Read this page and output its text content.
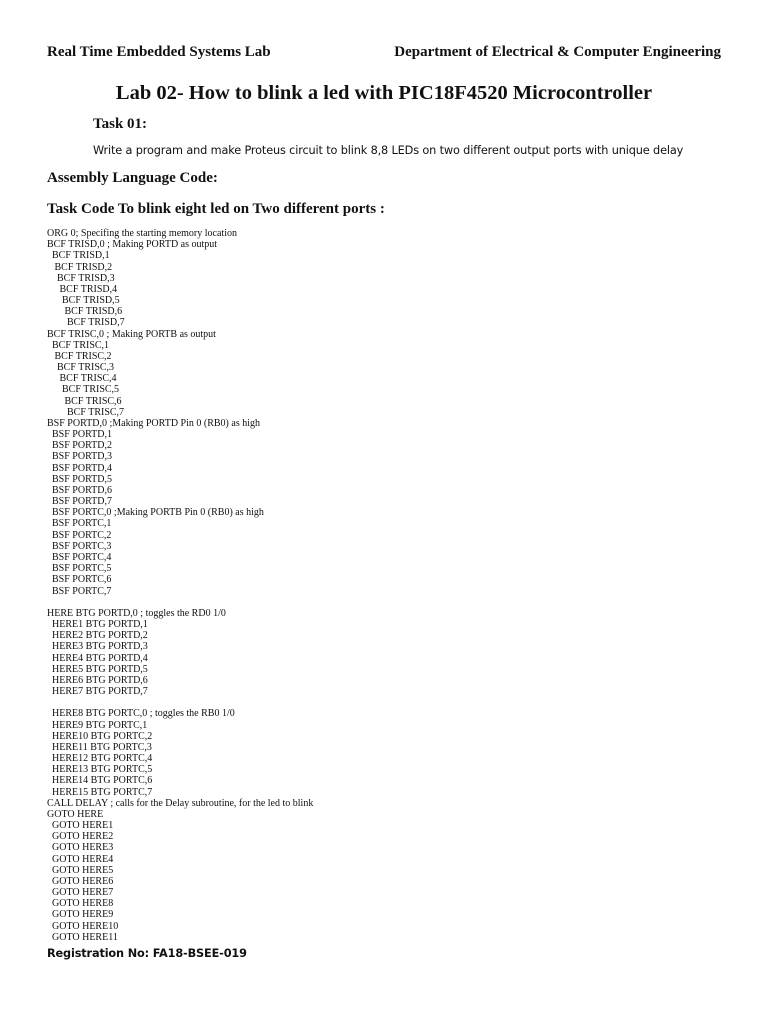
Real Time Embedded Systems Lab	Department of Electrical & Computer Engineering
Lab 02- How to blink a led with PIC18F4520 Microcontroller
Task 01:
Write a program and make Proteus circuit to blink 8,8 LEDs on two different output ports with unique delay
Assembly Language Code:
Task Code To blink eight led on Two different ports :
ORG 0; Specifing the starting memory location
BCF TRISD,0 ; Making PORTD as output
BCF TRISD,1
BCF TRISD,2
BCF TRISD,3
BCF TRISD,4
BCF TRISD,5
BCF TRISD,6
BCF TRISD,7
BCF TRISC,0 ; Making PORTB as output
BCF TRISC,1
BCF TRISC,2
BCF TRISC,3
BCF TRISC,4
BCF TRISC,5
BCF TRISC,6
BCF TRISC,7
BSF PORTD,0 ;Making PORTD Pin 0 (RB0) as high
BSF PORTD,1
BSF PORTD,2
BSF PORTD,3
BSF PORTD,4
BSF PORTD,5
BSF PORTD,6
BSF PORTD,7
BSF PORTC,0 ;Making PORTB Pin 0 (RB0) as high
BSF PORTC,1
BSF PORTC,2
BSF PORTC,3
BSF PORTC,4
BSF PORTC,5
BSF PORTC,6
BSF PORTC,7
HERE BTG PORTD,0 ; toggles the RD0 1/0
HERE1 BTG PORTD,1
HERE2 BTG PORTD,2
HERE3 BTG PORTD,3
HERE4 BTG PORTD,4
HERE5 BTG PORTD,5
HERE6 BTG PORTD,6
HERE7 BTG PORTD,7
HERE8 BTG PORTC,0 ; toggles the RB0 1/0
HERE9 BTG PORTC,1
HERE10 BTG PORTC,2
HERE11 BTG PORTC,3
HERE12 BTG PORTC,4
HERE13 BTG PORTC,5
HERE14 BTG PORTC,6
HERE15 BTG PORTC,7
CALL DELAY ; calls for the Delay subroutine, for the led to blink
GOTO HERE
GOTO HERE1
GOTO HERE2
GOTO HERE3
GOTO HERE4
GOTO HERE5
GOTO HERE6
GOTO HERE7
GOTO HERE8
GOTO HERE9
GOTO HERE10
GOTO HERE11
Registration No: FA18-BSEE-019
